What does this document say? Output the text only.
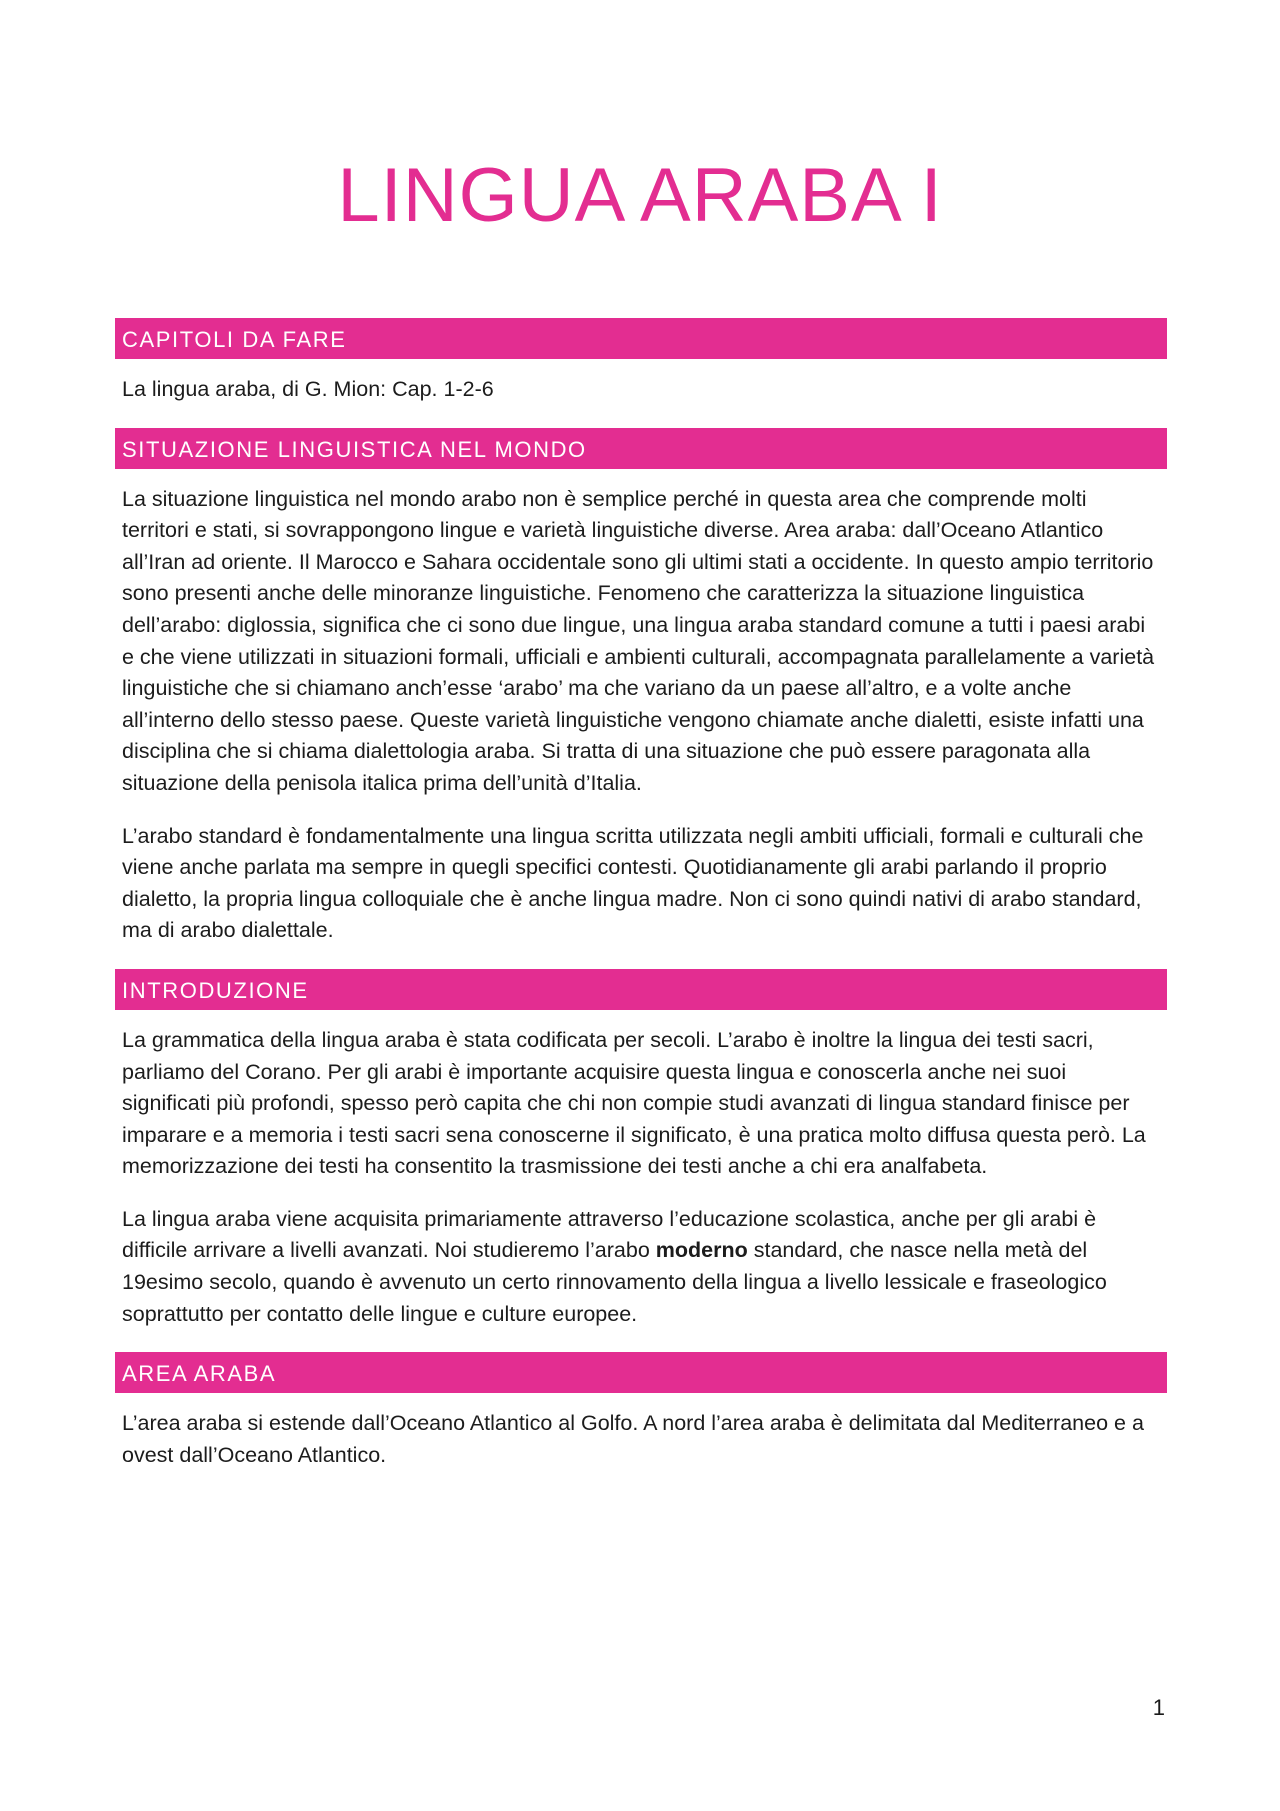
LINGUA ARABA I
CAPITOLI DA FARE

La lingua araba, di G. Mion: Cap. 1-2-6

SITUAZIONE LINGUISTICA NEL MONDO

La situazione linguistica nel mondo arabo non è semplice perché in questa area che comprende molti territori e stati, si sovrappongono lingue e varietà linguistiche diverse. Area araba: dall’Oceano Atlantico all’Iran ad oriente. Il Marocco e Sahara occidentale sono gli ultimi stati a occidente. In questo ampio territorio sono presenti anche delle minoranze linguistiche. Fenomeno che caratterizza la situazione linguistica dell’arabo: diglossia, significa che ci sono due lingue, una lingua araba standard comune a tutti i paesi arabi e che viene utilizzati in situazioni formali, ufficiali e ambienti culturali, accompagnata parallelamente a varietà linguistiche che si chiamano anch’esse ‘arabo’ ma che variano da un paese all’altro, e a volte anche all’interno dello stesso paese. Queste varietà linguistiche vengono chiamate anche dialetti, esiste infatti una disciplina che si chiama dialettologia araba. Si tratta di una situazione che può essere paragonata alla situazione della penisola italica prima dell’unità d’Italia.

L’arabo standard è fondamentalmente una lingua scritta utilizzata negli ambiti ufficiali, formali e culturali che viene anche parlata ma sempre in quegli specifici contesti. Quotidianamente gli arabi parlando il proprio dialetto, la propria lingua colloquiale che è anche lingua madre. Non ci sono quindi nativi di arabo standard, ma di arabo dialettale.

INTRODUZIONE

La grammatica della lingua araba è stata codificata per secoli. L’arabo è inoltre la lingua dei testi sacri, parliamo del Corano. Per gli arabi è importante acquisire questa lingua e conoscerla anche nei suoi significati più profondi, spesso però capita che chi non compie studi avanzati di lingua standard finisce per imparare e a memoria i testi sacri sena conoscerne il significato, è una pratica molto diffusa questa però. La memorizzazione dei testi ha consentito la trasmissione dei testi anche a chi era analfabeta.

La lingua araba viene acquisita primariamente attraverso l’educazione scolastica, anche per gli arabi è difficile arrivare a livelli avanzati. Noi studieremo l’arabo moderno standard, che nasce nella metà del 19esimo secolo, quando è avvenuto un certo rinnovamento della lingua a livello lessicale e fraseologico soprattutto per contatto delle lingue e culture europee.

AREA ARABA

L’area araba si estende dall’Oceano Atlantico al Golfo. A nord l’area araba è delimitata dal Mediterraneo e a ovest dall’Oceano Atlantico.

1
